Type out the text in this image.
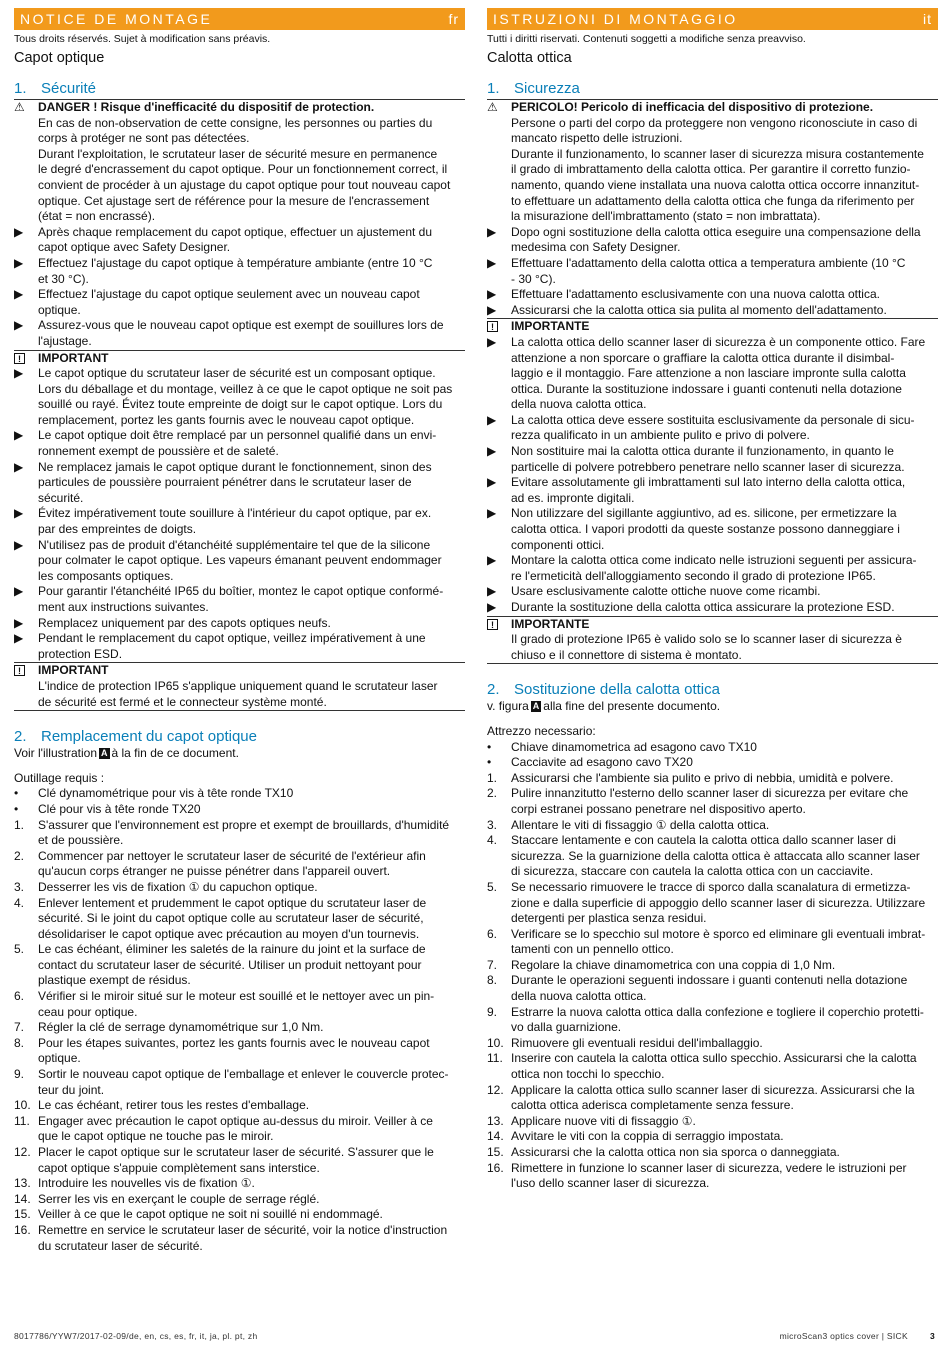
NOTICE DE MONTAGE	fr
Tous droits réservés. Sujet à modification sans préavis.
Capot optique
1. Sécurité
⚠	DANGER ! Risque d'inefficacité du dispositif de protection.
En cas de non-observation de cette consigne, les personnes ou parties du
corps à protéger ne sont pas détectées.
Durant l'exploitation, le scrutateur laser de sécurité mesure en permanence
le degré d'encrassement du capot optique. Pour un fonctionnement correct, il
convient de procéder à un ajustage du capot optique pour tout nouveau capot
optique. Cet ajustage sert de référence pour la mesure de l'encrassement
(état = non encrassé).
▶	Après chaque remplacement du capot optique, effectuer un ajustement du
capot optique avec Safety Designer.
▶	Effectuez l'ajustage du capot optique à température ambiante (entre 10 °C
et 30 °C).
▶	Effectuez l'ajustage du capot optique seulement avec un nouveau capot
optique.
▶	Assurez-vous que le nouveau capot optique est exempt de souillures lors de
l'ajustage.
!	IMPORTANT
▶	Le capot optique du scrutateur laser de sécurité est un composant optique.
Lors du déballage et du montage, veillez à ce que le capot optique ne soit pas
souillé ou rayé. Évitez toute empreinte de doigt sur le capot optique. Lors du
remplacement, portez les gants fournis avec le nouveau capot optique.
▶	Le capot optique doit être remplacé par un personnel qualifié dans un envi-
ronnement exempt de poussière et de saleté.
▶	Ne remplacez jamais le capot optique durant le fonctionnement, sinon des
particules de poussière pourraient pénétrer dans le scrutateur laser de
sécurité.
▶	Évitez impérativement toute souillure à l'intérieur du capot optique, par ex.
par des empreintes de doigts.
▶	N'utilisez pas de produit d'étanchéité supplémentaire tel que de la silicone
pour colmater le capot optique. Les vapeurs émanant peuvent endommager
les composants optiques.
▶	Pour garantir l'étanchéité IP65 du boîtier, montez le capot optique conformé-
ment aux instructions suivantes.
▶	Remplacez uniquement par des capots optiques neufs.
▶	Pendant le remplacement du capot optique, veillez impérativement à une
protection ESD.
!	IMPORTANT
L'indice de protection IP65 s'applique uniquement quand le scrutateur laser
de sécurité est fermé et le connecteur système monté.
2. Remplacement du capot optique
Voir l'illustration A à la fin de ce document.
Outillage requis :
•	Clé dynamométrique pour vis à tête ronde TX10
•	Clé pour vis à tête ronde TX20
1.	S'assurer que l'environnement est propre et exempt de brouillards, d'humidité
et de poussière.
2.	Commencer par nettoyer le scrutateur laser de sécurité de l'extérieur afin
qu'aucun corps étranger ne puisse pénétrer dans l'appareil ouvert.
3.	Desserrer les vis de fixation ① du capuchon optique.
4.	Enlever lentement et prudemment le capot optique du scrutateur laser de
sécurité. Si le joint du capot optique colle au scrutateur laser de sécurité,
désolidariser le capot optique avec précaution au moyen d'un tournevis.
5.	Le cas échéant, éliminer les saletés de la rainure du joint et la surface de
contact du scrutateur laser de sécurité. Utiliser un produit nettoyant pour
plastique exempt de résidus.
6.	Vérifier si le miroir situé sur le moteur est souillé et le nettoyer avec un pin-
ceau pour optique.
7.	Régler la clé de serrage dynamométrique sur 1,0 Nm.
8.	Pour les étapes suivantes, portez les gants fournis avec le nouveau capot
optique.
9.	Sortir le nouveau capot optique de l'emballage et enlever le couvercle protec-
teur du joint.
10. Le cas échéant, retirer tous les restes d'emballage.
11. Engager avec précaution le capot optique au-dessus du miroir. Veiller à ce
que le capot optique ne touche pas le miroir.
12. Placer le capot optique sur le scrutateur laser de sécurité. S'assurer que le
capot optique s'appuie complètement sans interstice.
13. Introduire les nouvelles vis de fixation ①.
14. Serrer les vis en exerçant le couple de serrage réglé.
15. Veiller à ce que le capot optique ne soit ni souillé ni endommagé.
16. Remettre en service le scrutateur laser de sécurité, voir la notice d'instruction
du scrutateur laser de sécurité.
ISTRUZIONI DI MONTAGGIO	it
Tutti i diritti riservati. Contenuti soggetti a modifiche senza preavviso.
Calotta ottica
1. Sicurezza
⚠	PERICOLO! Pericolo di inefficacia del dispositivo di protezione.
Persone o parti del corpo da proteggere non vengono riconosciute in caso di
mancato rispetto delle istruzioni.
Durante il funzionamento, lo scanner laser di sicurezza misura costantemente
il grado di imbrattamento della calotta ottica. Per garantire il corretto funzio-
namento, quando viene installata una nuova calotta ottica occorre innanzitut-
to effettuare un adattamento della calotta ottica che funga da riferimento per
la misurazione dell'imbrattamento (stato = non imbrattata).
▶	Dopo ogni sostituzione della calotta ottica eseguire una compensazione della
medesima con Safety Designer.
▶	Effettuare l'adattamento della calotta ottica a temperatura ambiente (10 °C
- 30 °C).
▶	Effettuare l'adattamento esclusivamente con una nuova calotta ottica.
▶	Assicurarsi che la calotta ottica sia pulita al momento dell'adattamento.
!	IMPORTANTE
▶	La calotta ottica dello scanner laser di sicurezza è un componente ottico. Fare
attenzione a non sporcare o graffiare la calotta ottica durante il disimbal-
laggio e il montaggio. Fare attenzione a non lasciare impronte sulla calotta
ottica. Durante la sostituzione indossare i guanti contenuti nella dotazione
della nuova calotta ottica.
▶	La calotta ottica deve essere sostituita esclusivamente da personale di sicu-
rezza qualificato in un ambiente pulito e privo di polvere.
▶	Non sostituire mai la calotta ottica durante il funzionamento, in quanto le
particelle di polvere potrebbero penetrare nello scanner laser di sicurezza.
▶	Evitare assolutamente gli imbrattamenti sul lato interno della calotta ottica,
ad es. impronte digitali.
▶	Non utilizzare del sigillante aggiuntivo, ad es. silicone, per ermetizzare la
calotta ottica. I vapori prodotti da queste sostanze possono danneggiare i
componenti ottici.
▶	Montare la calotta ottica come indicato nelle istruzioni seguenti per assicura-
re l'ermeticità dell'alloggiamento secondo il grado di protezione IP65.
▶	Usare esclusivamente calotte ottiche nuove come ricambi.
▶	Durante la sostituzione della calotta ottica assicurare la protezione ESD.
!	IMPORTANTE
Il grado di protezione IP65 è valido solo se lo scanner laser di sicurezza è
chiuso e il connettore di sistema è montato.
2. Sostituzione della calotta ottica
v. figura A alla fine del presente documento.
Attrezzo necessario:
•	Chiave dinamometrica ad esagono cavo TX10
•	Cacciavite ad esagono cavo TX20
1.	Assicurarsi che l'ambiente sia pulito e privo di nebbia, umidità e polvere.
2.	Pulire innanzitutto l'esterno dello scanner laser di sicurezza per evitare che
corpi estranei possano penetrare nel dispositivo aperto.
3.	Allentare le viti di fissaggio ① della calotta ottica.
4.	Staccare lentamente e con cautela la calotta ottica dallo scanner laser di
sicurezza. Se la guarnizione della calotta ottica è attaccata allo scanner laser
di sicurezza, staccare con cautela la calotta ottica con un cacciavite.
5.	Se necessario rimuovere le tracce di sporco dalla scanalatura di ermetizza-
zione e dalla superficie di appoggio dello scanner laser di sicurezza. Utilizzare
detergenti per plastica senza residui.
6.	Verificare se lo specchio sul motore è sporco ed eliminare gli eventuali imbrat-
tamenti con un pennello ottico.
7.	Regolare la chiave dinamometrica con una coppia di 1,0 Nm.
8.	Durante le operazioni seguenti indossare i guanti contenuti nella dotazione
della nuova calotta ottica.
9.	Estrarre la nuova calotta ottica dalla confezione e togliere il coperchio protetti-
vo dalla guarnizione.
10. Rimuovere gli eventuali residui dell'imballaggio.
11. Inserire con cautela la calotta ottica sullo specchio. Assicurarsi che la calotta
ottica non tocchi lo specchio.
12. Applicare la calotta ottica sullo scanner laser di sicurezza. Assicurarsi che la
calotta ottica aderisca completamente senza fessure.
13. Applicare nuove viti di fissaggio ①.
14. Avvitare le viti con la coppia di serraggio impostata.
15. Assicurarsi che la calotta ottica non sia sporca o danneggiata.
16. Rimettere in funzione lo scanner laser di sicurezza, vedere le istruzioni per
l'uso dello scanner laser di sicurezza.
8017786/YYW7/2017-02-09/de, en, cs, es, fr, it, ja, pl. pt, zh	microScan3 optics cover | SICK	3
